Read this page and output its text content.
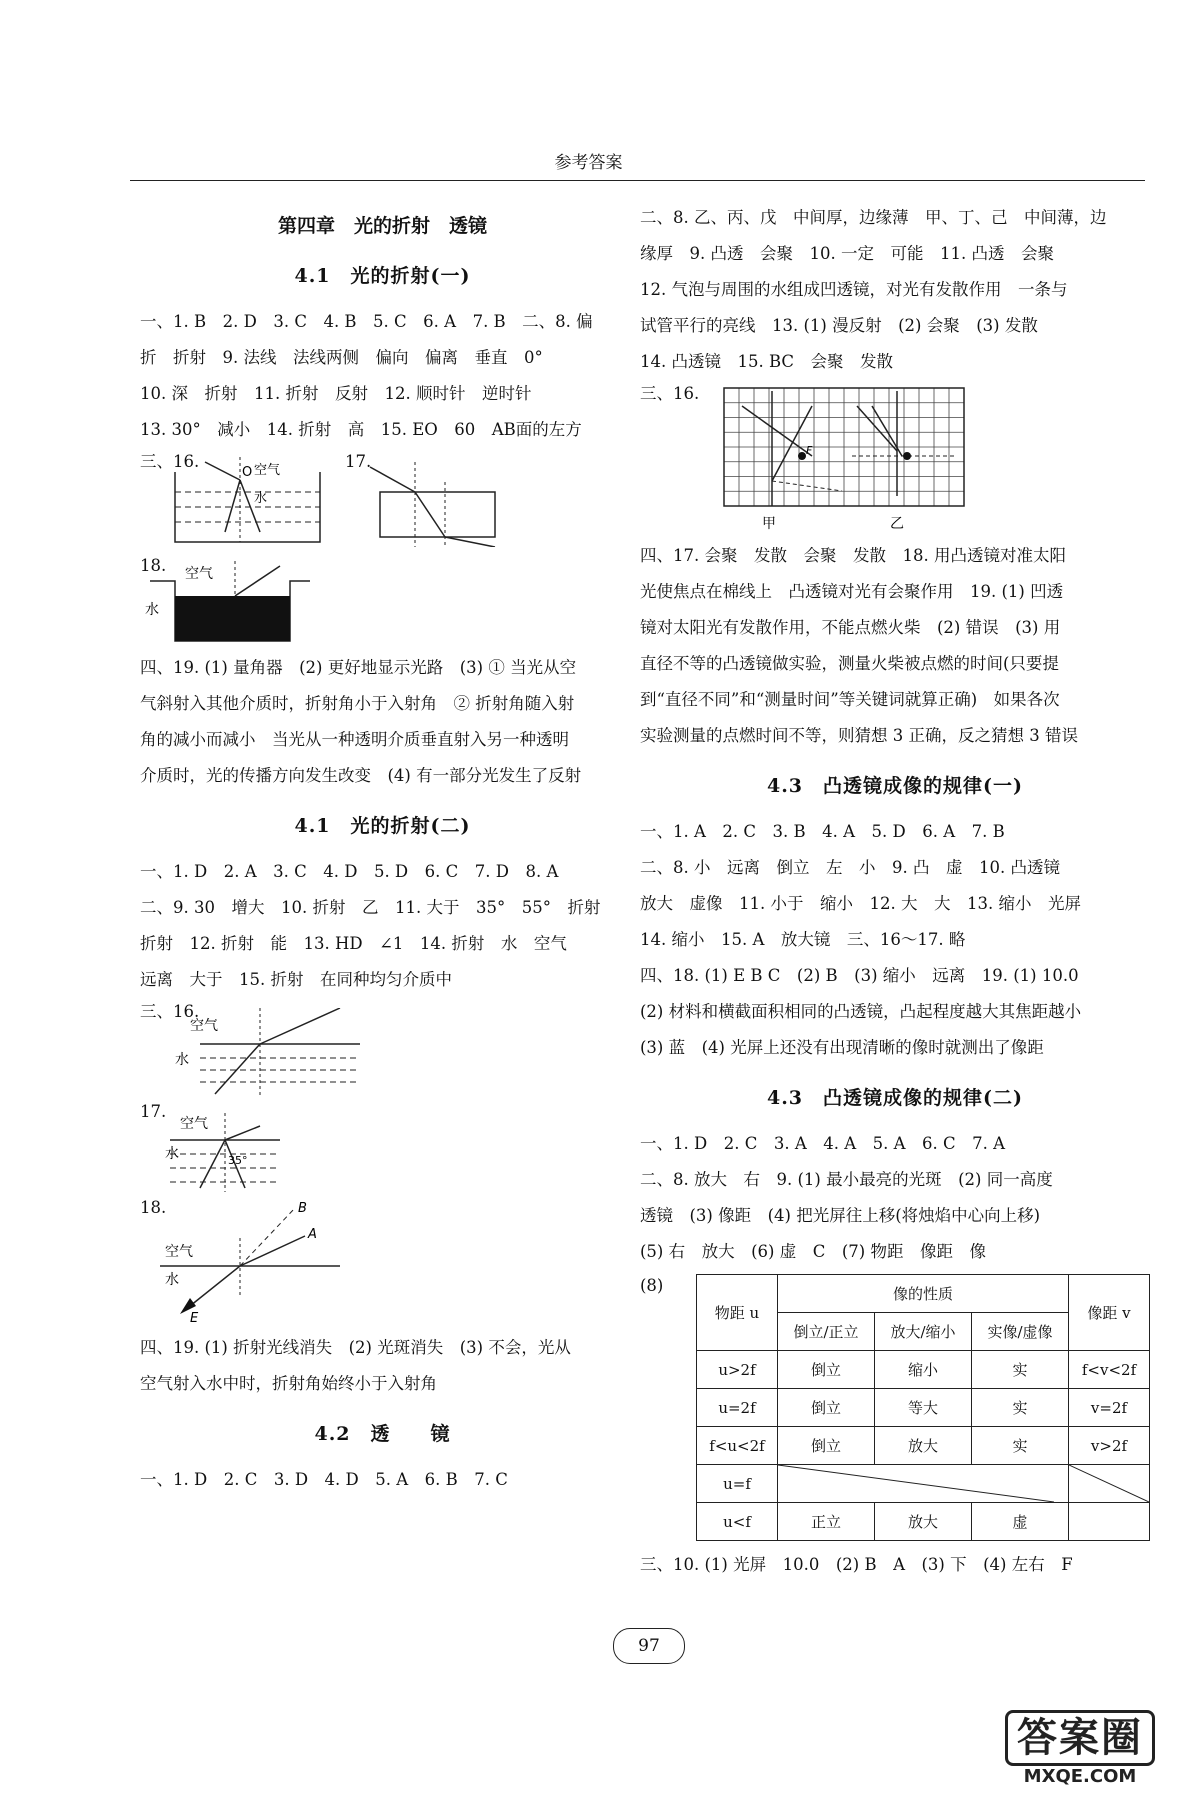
参考答案
第四章　光的折射　透镜
4.1　光的折射(一)
一、1. B　2. D　3. C　4. B　5. C　6. A　7. B　二、8. 偏
折　折射　9. 法线　法线两侧　偏向　偏离　垂直　0°
10. 深　折射　11. 折射　反射　12. 顺时针　逆时针
13. 30°　减小　14. 折射　高　15. EO　60　AB面的左方
三、16.
O 空气
水
17.
18. 空气
水
四、19. (1) 量角器　(2) 更好地显示光路　(3) ① 当光从空
气斜射入其他介质时，折射角小于入射角　② 折射角随入射
角的减小而减小　当光从一种透明介质垂直射入另一种透明
介质时，光的传播方向发生改变　(4) 有一部分光发生了反射
4.1　光的折射(二)
一、1. D　2. A　3. C　4. D　5. D　6. C　7. D　8. A
二、9. 30　增大　10. 折射　乙　11. 大于　35°　55°　折射
折射　12. 折射　能　13. HD　∠1　14. 折射　水　空气
远离　大于　15. 折射　在同种均匀介质中
三、16.
空气
水
17.
空气
水	35°
18.	B
A
E
空气
水
四、19. (1) 折射光线消失　(2) 光斑消失　(3) 不会，光从
空气射入水中时，折射角始终小于入射角
4.2　透　　镜
一、1. D　2. C　3. D　4. D　5. A　6. B　7. C
二、8. 乙、丙、戊　中间厚，边缘薄　甲、丁、己　中间薄，边
缘厚　9. 凸透　会聚　10. 一定　可能　11. 凸透　会聚
12. 气泡与周围的水组成凹透镜，对光有发散作用　一条与
试管平行的亮线　13. (1) 漫反射　(2) 会聚　(3) 发散
14. 凸透镜　15. BC　会聚　发散
三、16.
F
甲	乙
四、17. 会聚　发散　会聚　发散　18. 用凸透镜对准太阳
光使焦点在棉线上　凸透镜对光有会聚作用　19. (1) 凹透
镜对太阳光有发散作用，不能点燃火柴　(2) 错误　(3) 用
直径不等的凸透镜做实验，测量火柴被点燃的时间(只要提
到“直径不同”和“测量时间”等关键词就算正确)　如果各次
实验测量的点燃时间不等，则猜想 3 正确，反之猜想 3 错误
4.3　凸透镜成像的规律(一)
一、1. A　2. C　3. B　4. A　5. D　6. A　7. B
二、8. 小　远离　倒立　左　小　9. 凸　虚　10. 凸透镜
放大　虚像　11. 小于　缩小　12. 大　大　13. 缩小　光屏
14. 缩小　15. A　放大镜　三、16～17. 略
四、18. (1) E B C　(2) B　(3) 缩小　远离　19. (1) 10.0
(2) 材料和横截面积相同的凸透镜，凸起程度越大其焦距越小
(3) 蓝　(4) 光屏上还没有出现清晰的像时就测出了像距
4.3　凸透镜成像的规律(二)
一、1. D　2. C　3. A　4. A　5. A　6. C　7. A
二、8. 放大　右　9. (1) 最小最亮的光斑　(2) 同一高度
透镜　(3) 像距　(4) 把光屏往上移(将烛焰中心向上移)
(5) 右　放大　(6) 虚　C　(7) 物距　像距　像
(8)
物距 u	像的性质			像距 v
	倒立/正立	放大/缩小	实像/虚像	
u>2f	倒立	缩小	实	f<v<2f
u=2f	倒立	等大	实	v=2f
f<u<2f	倒立	放大	实	v>2f
u=f	

u<f	正立	放大	虚	
三、10. (1) 光屏　10.0　(2) B　A　(3) 下　(4) 左右　F
97
答案圈
MXQE.COM
